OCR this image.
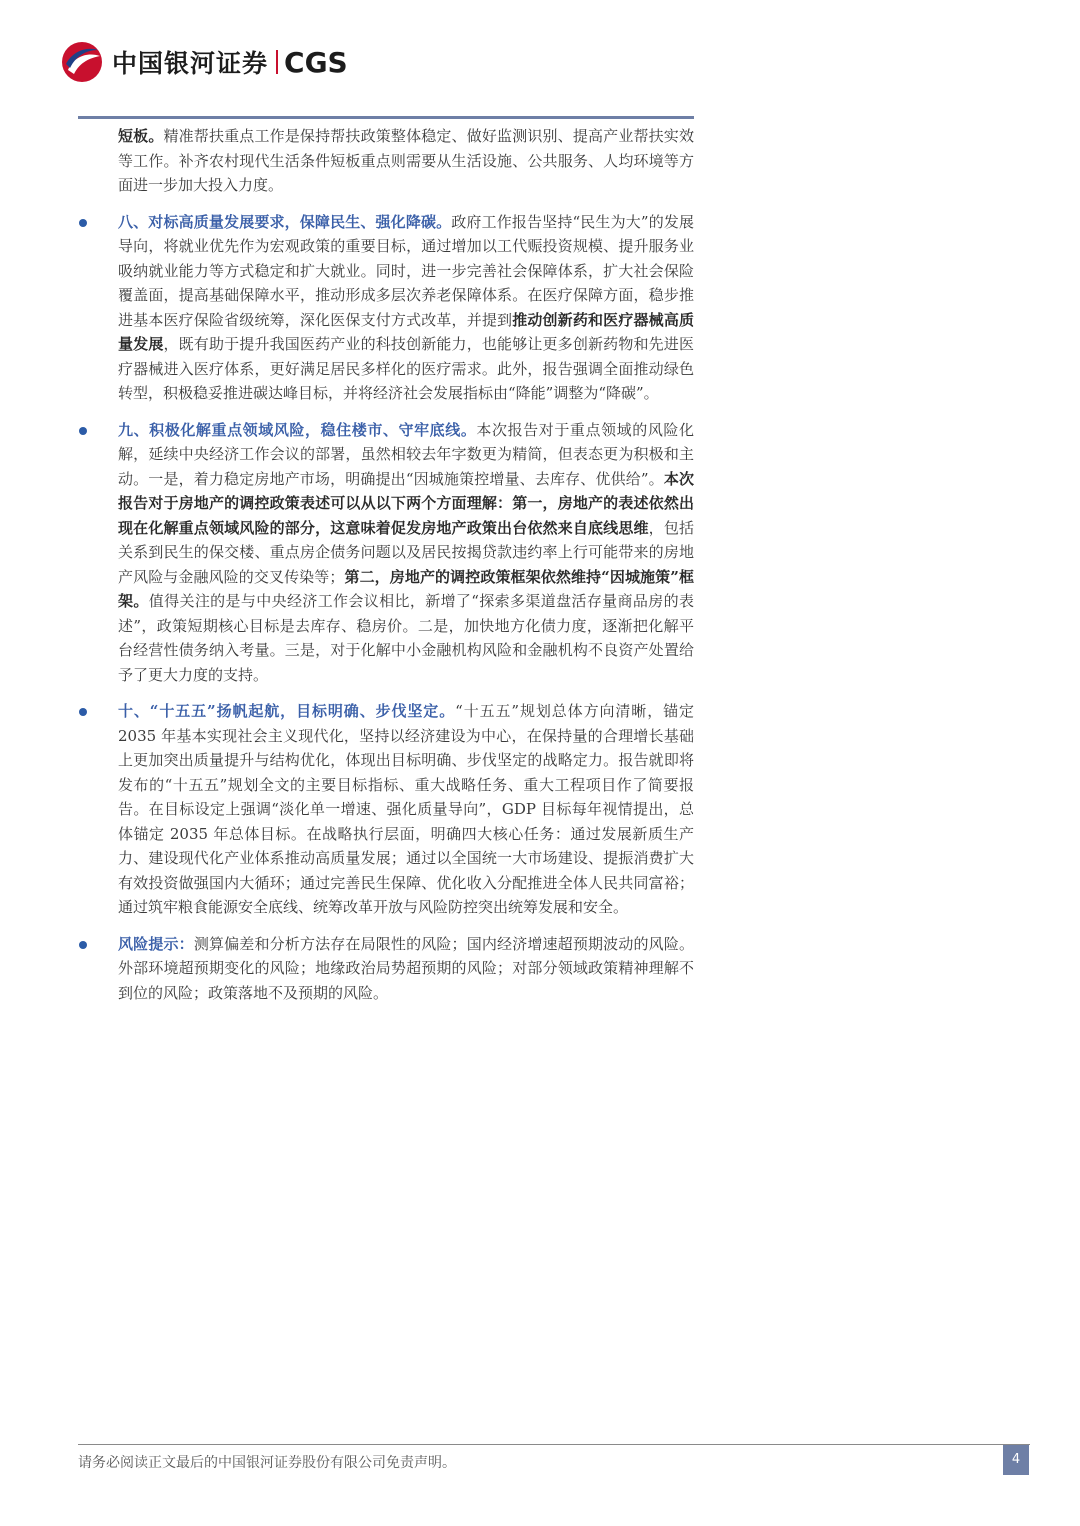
中国银河证券 CGS
短板。精准帮扶重点工作是保持帮扶政策整体稳定、做好监测识别、提高产业帮扶实效等工作。补齐农村现代生活条件短板重点则需要从生活设施、公共服务、人均环境等方面进一步加大投入力度。
八、对标高质量发展要求，保障民生、强化降碳。政府工作报告坚持“民生为大”的发展导向，将就业优先作为宏观政策的重要目标，通过增加以工代赈投资规模、提升服务业吸纳就业能力等方式稳定和扩大就业。同时，进一步完善社会保障体系，扩大社会保险覆盖面，提高基础保障水平，推动形成多层次养老保障体系。在医疗保障方面，稳步推进基本医疗保险省级统筹，深化医保支付方式改革，并提到推动创新药和医疗器械高质量发展，既有助于提升我国医药产业的科技创新能力，也能够让更多创新药物和先进医疗器械进入医疗体系，更好满足居民多样化的医疗需求。此外，报告强调全面推动绿色转型，积极稳妥推进碳达峰目标，并将经济社会发展指标由“降能”调整为“降碳”。
九、积极化解重点领域风险，稳住楼市、守牢底线。本次报告对于重点领域的风险化解，延续中央经济工作会议的部署，虽然相较去年字数更为精简，但表态更为积极和主动。一是，着力稳定房地产市场，明确提出“因城施策控增量、去库存、优供给”。本次报告对于房地产的调控政策表述可以从以下两个方面理解：第一，房地产的表述依然出现在化解重点领域风险的部分，这意味着促发房地产政策出台依然来自底线思维，包括关系到民生的保交楼、重点房企债务问题以及居民按揭贷款违约率上行可能带来的房地产风险与金融风险的交叉传染等；第二，房地产的调控政策框架依然维持“因城施策”框架。值得关注的是与中央经济工作会议相比，新增了“探索多渠道盘活存量商品房的表述”，政策短期核心目标是去库存、稳房价。二是，加快地方化债力度，逐渐把化解平台经营性债务纳入考量。三是，对于化解中小金融机构风险和金融机构不良资产处置给予了更大力度的支持。
十、“十五五”扬帆起航，目标明确、步伐坚定。“十五五”规划总体方向清晰，锚定 2035 年基本实现社会主义现代化，坚持以经济建设为中心，在保持量的合理增长基础上更加突出质量提升与结构优化，体现出目标明确、步伐坚定的战略定力。报告就即将发布的“十五五”规划全文的主要目标指标、重大战略任务、重大工程项目作了简要报告。在目标设定上强调“淡化单一增速、强化质量导向”，GDP 目标每年视情提出，总体锚定 2035 年总体目标。在战略执行层面，明确四大核心任务：通过发展新质生产力、建设现代化产业体系推动高质量发展；通过以全国统一大市场建设、提振消费扩大有效投资做强国内大循环；通过完善民生保障、优化收入分配推进全体人民共同富裕；通过筑牢粮食能源安全底线、统筹改革开放与风险防控突出统筹发展和安全。
风险提示：测算偏差和分析方法存在局限性的风险；国内经济增速超预期波动的风险。外部环境超预期变化的风险；地缘政治局势超预期的风险；对部分领域政策精神理解不到位的风险；政策落地不及预期的风险。
请务必阅读正文最后的中国银河证券股份有限公司免责声明。	4
